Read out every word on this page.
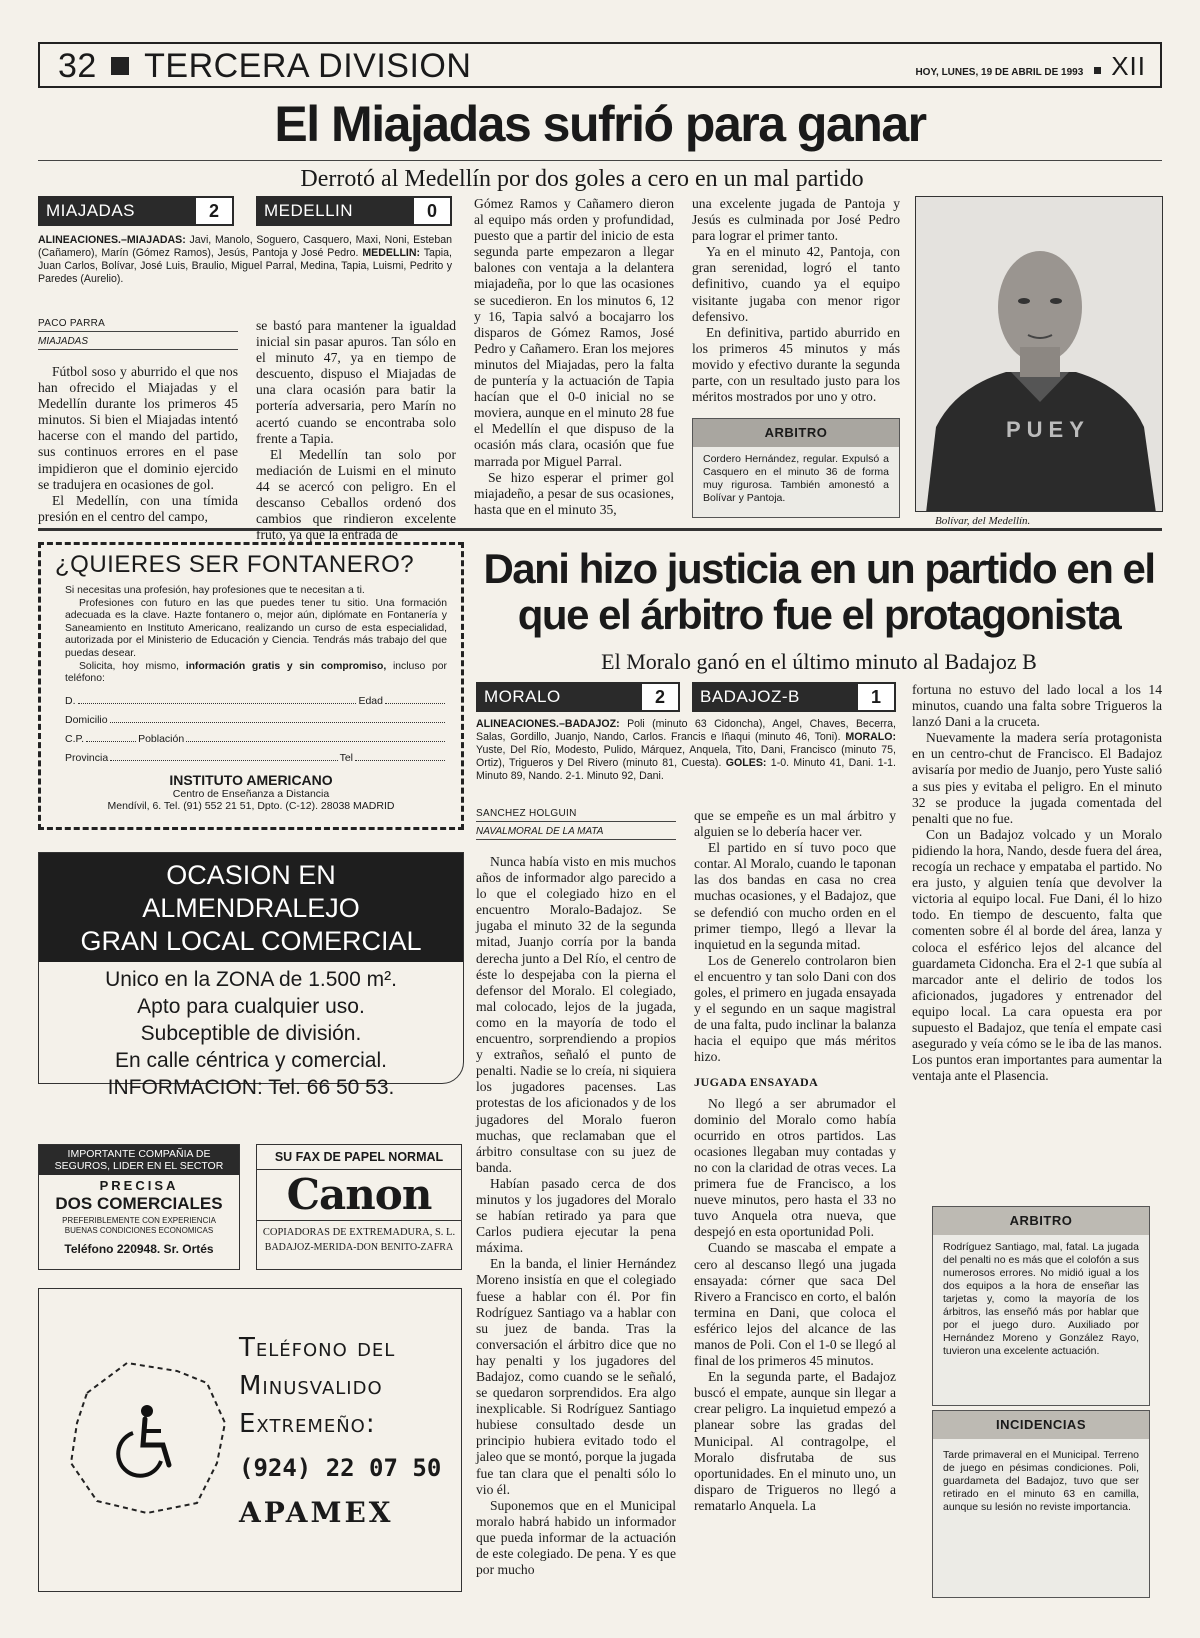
32 TERCERA DIVISION	HOY, LUNES, 19 DE ABRIL DE 1993 XII
El Miajadas sufrió para ganar
Derrotó al Medellín por dos goles a cero en un mal partido
MIAJADAS	2	MEDELLIN	0
ALINEACIONES.–MIAJADAS: Javi, Manolo, Soguero, Casquero, Maxi, Noni, Esteban (Cañamero), Marín (Gómez Ramos), Jesús, Pantoja y José Pedro. MEDELLIN: Tapia, Juan Carlos, Bolívar, José Luis, Braulio, Miguel Parral, Medina, Tapia, Luismi, Pedrito y Paredes (Aurelio).
PACO PARRA
MIAJADAS

Fútbol soso y aburrido el que nos han ofrecido el Miajadas y el Medellín durante los primeros 45 minutos. Si bien el Miajadas intentó hacerse con el mando del partido, sus continuos errores en el pase impidieron que el dominio ejercido se tradujera en ocasiones de gol.

El Medellín, con una tímida presión en el centro del campo,

se bastó para mantener la igualdad inicial sin pasar apuros. Tan sólo en el minuto 47, ya en tiempo de descuento, dispuso el Miajadas de una clara ocasión para batir la portería adversaria, pero Marín no acertó cuando se encontraba solo frente a Tapia.

El Medellín tan solo por mediación de Luismi en el minuto 44 se acercó con peligro. En el descanso Ceballos ordenó dos cambios que rindieron excelente fruto, ya que la entrada de

Gómez Ramos y Cañamero dieron al equipo más orden y profundidad, puesto que a partir del inicio de esta segunda parte empezaron a llegar balones con ventaja a la delantera miajadeña, por lo que las ocasiones se sucedieron. En los minutos 6, 12 y 16, Tapia salvó a bocajarro los disparos de Gómez Ramos, José Pedro y Cañamero. Eran los mejores minutos del Miajadas, pero la falta de puntería y la actuación de Tapia hacían que el 0-0 inicial no se moviera, aunque en el minuto 28 fue el Medellín el que dispuso de la ocasión más clara, ocasión que fue marrada por Miguel Parral.

Se hizo esperar el primer gol miajadeño, a pesar de sus ocasiones, hasta que en el minuto 35,

una excelente jugada de Pantoja y Jesús es culminada por José Pedro para lograr el primer tanto.

Ya en el minuto 42, Pantoja, con gran serenidad, logró el tanto definitivo, cuando ya el equipo visitante jugaba con menor rigor defensivo.

En definitiva, partido aburrido en los primeros 45 minutos y más movido y efectivo durante la segunda parte, con un resultado justo para los méritos mostrados por uno y otro.

ARBITRO
Cordero Hernández, regular. Expulsó a Casquero en el minuto 36 de forma muy rigurosa. También amonestó a Bolívar y Pantoja.
PUEY
Bolívar, del Medellín.
¿QUIERES SER FONTANERO?

Si necesitas una profesión, hay profesiones que te necesitan a ti.

Profesiones con futuro en las que puedes tener tu sitio. Una formación adecuada es la clave. Hazte fontanero o, mejor aún, diplómate en Fontanería y Saneamiento en Instituto Americano, realizando un curso de esta especialidad, autorizada por el Ministerio de Educación y Ciencia. Tendrás más trabajo del que puedas desear.

Solicita, hoy mismo, información gratis y sin compromiso, incluso por teléfono:

D.	Edad
Domicilio
C.P.	Población
Provincia	Tel
INSTITUTO AMERICANO
Centro de Enseñanza a Distancia
Mendívil, 6. Tel. (91) 552 21 51, Dpto. (C-12). 28038 MADRID
OCASION EN
ALMENDRALEJO
GRAN LOCAL COMERCIAL
Unico en la ZONA de 1.500 m².
Apto para cualquier uso.
Subceptible de división.
En calle céntrica y comercial.
INFORMACION: Tel. 66 50 53.
IMPORTANTE COMPAÑIA DE SEGUROS, LIDER EN EL SECTOR
PRECISA
DOS COMERCIALES
PREFERIBLEMENTE CON EXPERIENCIA BUENAS CONDICIONES ECONOMICAS
Teléfono 220948. Sr. Ortés
SU FAX DE PAPEL NORMAL
Canon
COPIADORAS DE EXTREMADURA, S. L.
BADAJOZ-MERIDA-DON BENITO-ZAFRA
Teléfono del
Minusvalido
Extremeño:
(924) 22 07 50
APAMEX
Dani hizo justicia en un partido en el
que el árbitro fue el protagonista
El Moralo ganó en el último minuto al Badajoz B
MORALO	2	BADAJOZ-B	1
ALINEACIONES.–BADAJOZ: Poli (minuto 63 Cidoncha), Angel, Chaves, Becerra, Salas, Gordillo, Juanjo, Nando, Carlos. Francis e Iñaqui (minuto 46, Toni). MORALO: Yuste, Del Río, Modesto, Pulido, Márquez, Anquela, Tito, Dani, Francisco (minuto 75, Ortiz), Trigueros y Del Rivero (minuto 81, Cuesta). GOLES: 1-0. Minuto 41, Dani. 1-1. Minuto 89, Nando. 2-1. Minuto 92, Dani.
SANCHEZ HOLGUIN
NAVALMORAL DE LA MATA

Nunca había visto en mis muchos años de informador algo parecido a lo que el colegiado hizo en el encuentro Moralo-Badajoz. Se jugaba el minuto 32 de la segunda mitad, Juanjo corría por la banda derecha junto a Del Río, el centro de éste lo despejaba con la pierna el defensor del Moralo. El colegiado, mal colocado, lejos de la jugada, como en la mayoría de todo el encuentro, sorprendiendo a propios y extraños, señaló el punto de penalti. Nadie se lo creía, ni siquiera los jugadores pacenses. Las protestas de los aficionados y de los jugadores del Moralo fueron muchas, que reclamaban que el árbitro consultase con su juez de banda.

Habían pasado cerca de dos minutos y los jugadores del Moralo se habían retirado ya para que Carlos pudiera ejecutar la pena máxima.

En la banda, el linier Hernández Moreno insistía en que el colegiado fuese a hablar con él. Por fin Rodríguez Santiago va a hablar con su juez de banda. Tras la conversación el árbitro dice que no hay penalti y los jugadores del Badajoz, como cuando se le señaló, se quedaron sorprendidos. Era algo inexplicable. Si Rodríguez Santiago hubiese consultado desde un principio hubiera evitado todo el jaleo que se montó, porque la jugada fue tan clara que el penalti sólo lo vio él.

Suponemos que en el Municipal moralo habrá habido un informador que pueda informar de la actuación de este colegiado. De pena. Y es que por mucho

que se empeñe es un mal árbitro y alguien se lo debería hacer ver.

El partido en sí tuvo poco que contar. Al Moralo, cuando le taponan las dos bandas en casa no crea muchas ocasiones, y el Badajoz, que se defendió con mucho orden en el primer tiempo, llegó a llevar la inquietud en la segunda mitad.

Los de Generelo controlaron bien el encuentro y tan solo Dani con dos goles, el primero en jugada ensayada y el segundo en un saque magistral de una falta, pudo inclinar la balanza hacia el equipo que más méritos hizo.

JUGADA ENSAYADA

No llegó a ser abrumador el dominio del Moralo como había ocurrido en otros partidos. Las ocasiones llegaban muy contadas y no con la claridad de otras veces. La primera fue de Francisco, a los nueve minutos, pero hasta el 33 no tuvo Anquela otra nueva, que despejó en esta oportunidad Poli.

Cuando se mascaba el empate a cero al descanso llegó una jugada ensayada: córner que saca Del Rivero a Francisco en corto, el balón termina en Dani, que coloca el esférico lejos del alcance de las manos de Poli. Con el 1-0 se llegó al final de los primeros 45 minutos.

En la segunda parte, el Badajoz buscó el empate, aunque sin llegar a crear peligro. La inquietud empezó a planear sobre las gradas del Municipal. Al contragolpe, el Moralo disfrutaba de sus oportunidades. En el minuto uno, un disparo de Trigueros no llegó a rematarlo Anquela. La

fortuna no estuvo del lado local a los 14 minutos, cuando una falta sobre Trigueros la lanzó Dani a la cruceta.

Nuevamente la madera sería protagonista en un centro-chut de Francisco. El Badajoz avisaría por medio de Juanjo, pero Yuste salió a sus pies y evitaba el peligro. En el minuto 32 se produce la jugada comentada del penalti que no fue.

Con un Badajoz volcado y un Moralo pidiendo la hora, Nando, desde fuera del área, recogía un rechace y empataba el partido. No era justo, y alguien tenía que devolver la victoria al equipo local. Fue Dani, él lo hizo todo. En tiempo de descuento, falta que comenten sobre él al borde del área, lanza y coloca el esférico lejos del alcance del guardameta Cidoncha. Era el 2-1 que subía al marcador ante el delirio de todos los aficionados, jugadores y entrenador del equipo local. La cara opuesta era por supuesto el Badajoz, que tenía el empate casi asegurado y veía cómo se le iba de las manos. Los puntos eran importantes para aumentar la ventaja ante el Plasencia.

ARBITRO
Rodríguez Santiago, mal, fatal. La jugada del penalti no es más que el colofón a sus numerosos errores. No midió igual a los dos equipos a la hora de enseñar las tarjetas y, como la mayoría de los árbitros, las enseñó más por hablar que por el juego duro. Auxiliado por Hernández Moreno y González Rayo, tuvieron una excelente actuación.
INCIDENCIAS
Tarde primaveral en el Municipal. Terreno de juego en pésimas condiciones. Poli, guardameta del Badajoz, tuvo que ser retirado en el minuto 63 en camilla, aunque su lesión no reviste importancia.
